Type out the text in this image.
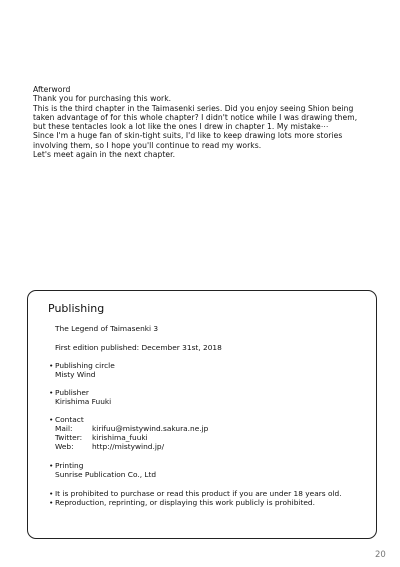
Afterword
Thank you for purchasing this work.
This is the third chapter in the Taimasenki series. Did you enjoy seeing Shion being
taken advantage of for this whole chapter? I didn't notice while I was drawing them,
but these tentacles look a lot like the ones I drew in chapter 1. My mistake⋯
Since I'm a huge fan of skin-tight suits, I'd like to keep drawing lots more stories
involving them, so I hope you'll continue to read my works.
Let's meet again in the next chapter.
Publishing
The Legend of Taimasenki 3
First edition published: December 31st, 2018
• Publishing circle
Misty Wind
• Publisher
Kirishima Fuuki
• Contact
Mail:	kirifuu@mistywind.sakura.ne.jp
Twitter: kirishima_fuuki
Web: http://mistywind.jp/
• Printing
Sunrise Publication Co., Ltd
• It is prohibited to purchase or read this product if you are under 18 years old.
• Reproduction, reprinting, or displaying this work publicly is prohibited.
20
